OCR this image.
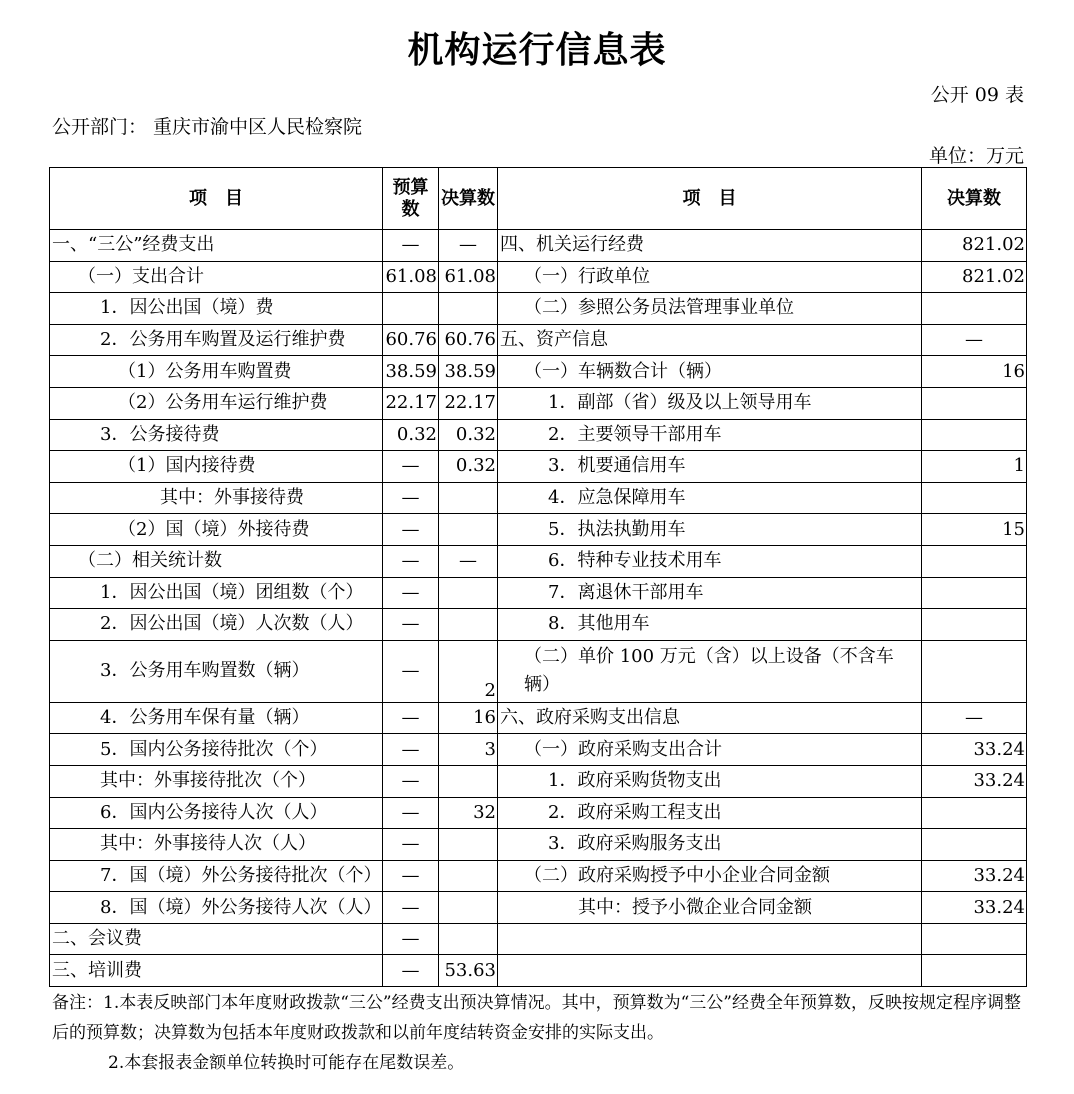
机构运行信息表
公开 09 表
公开部门： 重庆市渝中区人民检察院
单位：万元
项　目	预算数	决算数	项　目	决算数
一、“三公”经费支出	—	—	四、机关运行经费	821.02
（一）支出合计	61.08	61.08	（一）行政单位	821.02
1．因公出国（境）费			（二）参照公务员法管理事业单位	
2．公务用车购置及运行维护费	60.76	60.76	五、资产信息	—
（1）公务用车购置费	38.59	38.59	（一）车辆数合计（辆）	16
（2）公务用车运行维护费	22.17	22.17	1．副部（省）级及以上领导用车	
3．公务接待费	0.32	0.32	2．主要领导干部用车	
（1）国内接待费	—	0.32	3．机要通信用车	1
其中：外事接待费	—		4．应急保障用车	
（2）国（境）外接待费	—		5．执法执勤用车	15
（二）相关统计数	—	—	6．特种专业技术用车	
1．因公出国（境）团组数（个）	—		7．离退休干部用车	
2．因公出国（境）人次数（人）	—		8．其他用车	
3．公务用车购置数（辆）	—	2	（二）单价 100 万元（含）以上设备（不含车辆）	
4．公务用车保有量（辆）	—	16	六、政府采购支出信息	—
5．国内公务接待批次（个）	—	3	（一）政府采购支出合计	33.24
其中：外事接待批次（个）	—		1．政府采购货物支出	33.24
6．国内公务接待人次（人）	—	32	2．政府采购工程支出	
其中：外事接待人次（人）	—		3．政府采购服务支出	
7．国（境）外公务接待批次（个）	—		（二）政府采购授予中小企业合同金额	33.24
8．国（境）外公务接待人次（人）	—		其中：授予小微企业合同金额	33.24
二、会议费	—			
三、培训费	—	53.63		

备注：1.本表反映部门本年度财政拨款“三公”经费支出预决算情况。其中，预算数为“三公”经费全年预算数，反映按规定程序调整后的预算数；决算数为包括本年度财政拨款和以前年度结转资金安排的实际支出。

2.本套报表金额单位转换时可能存在尾数误差。
